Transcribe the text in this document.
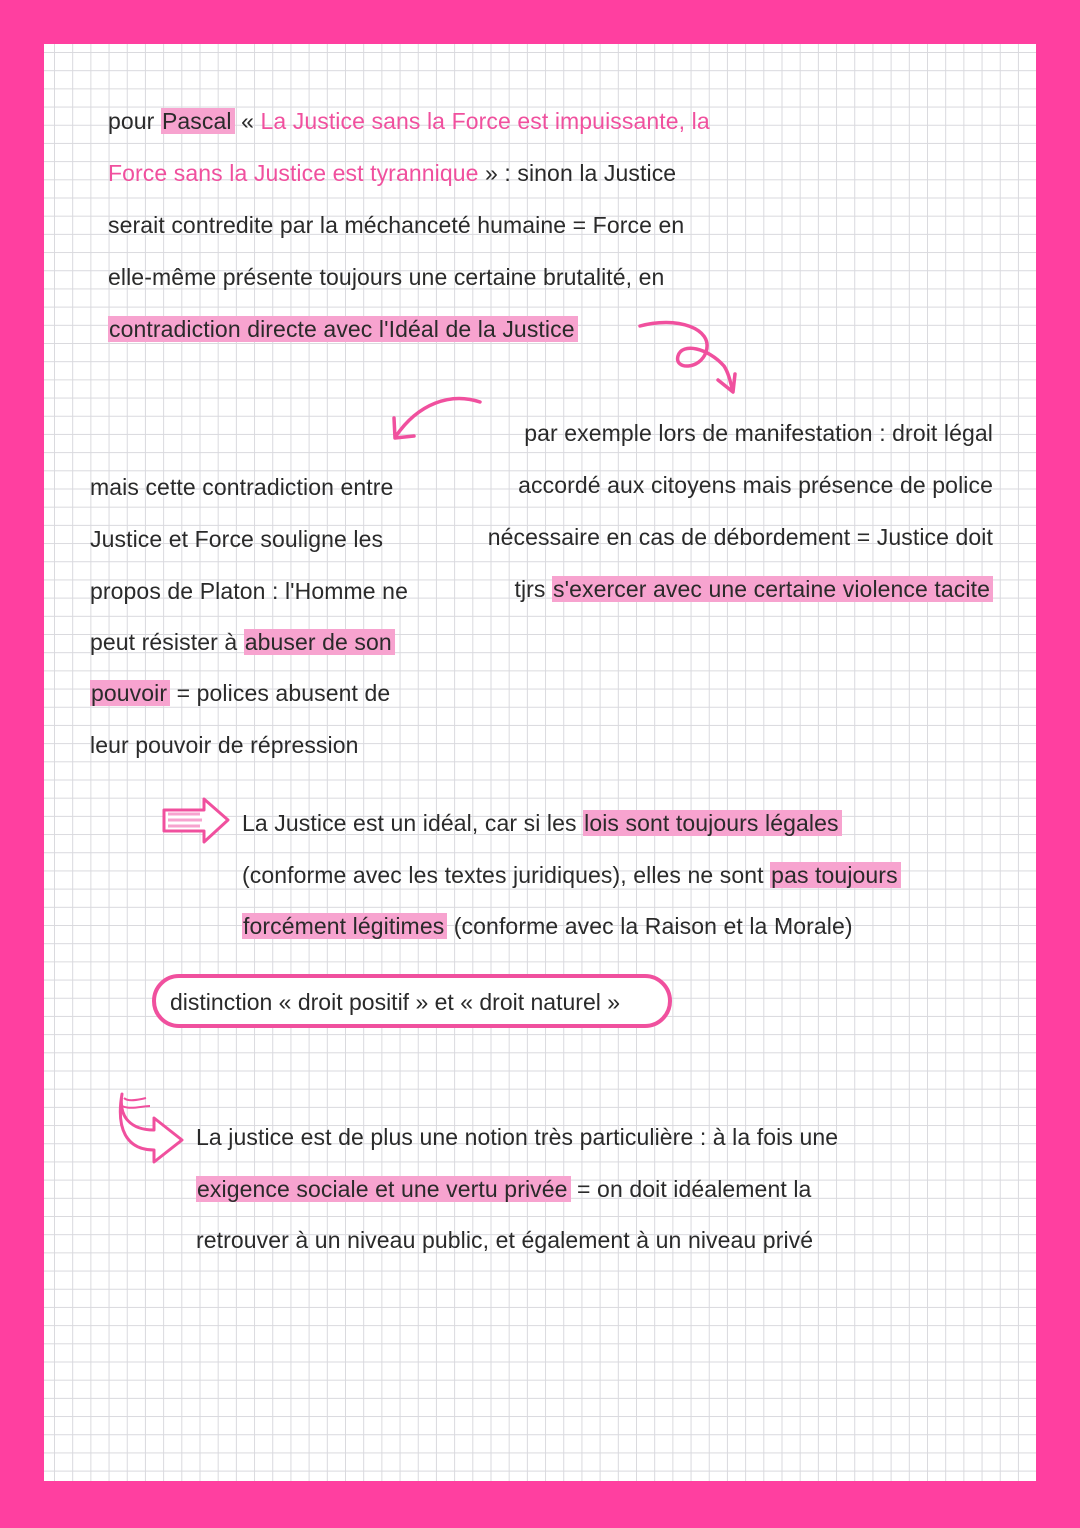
pour Pascal « La Justice sans la Force est impuissante, la
Force sans la Justice est tyrannique » : sinon la Justice
serait contredite par la méchanceté humaine = Force en
elle-même présente toujours une certaine brutalité, en
contradiction directe avec l'Idéal de la Justice
par exemple lors de manifestation : droit légal
accordé aux citoyens mais présence de police
nécessaire en cas de débordement = Justice doit
tjrs s'exercer avec une certaine violence tacite
mais cette contradiction entre
Justice et Force souligne les
propos de Platon : l'Homme ne
peut résister à abuser de son
pouvoir = polices abusent de
leur pouvoir de répression
La Justice est un idéal, car si les lois sont toujours légales
(conforme avec les textes juridiques), elles ne sont pas toujours
forcément légitimes (conforme avec la Raison et la Morale)
distinction « droit positif » et « droit naturel »
La justice est de plus une notion très particulière : à la fois une
exigence sociale et une vertu privée = on doit idéalement la
retrouver à un niveau public, et également à un niveau privé
